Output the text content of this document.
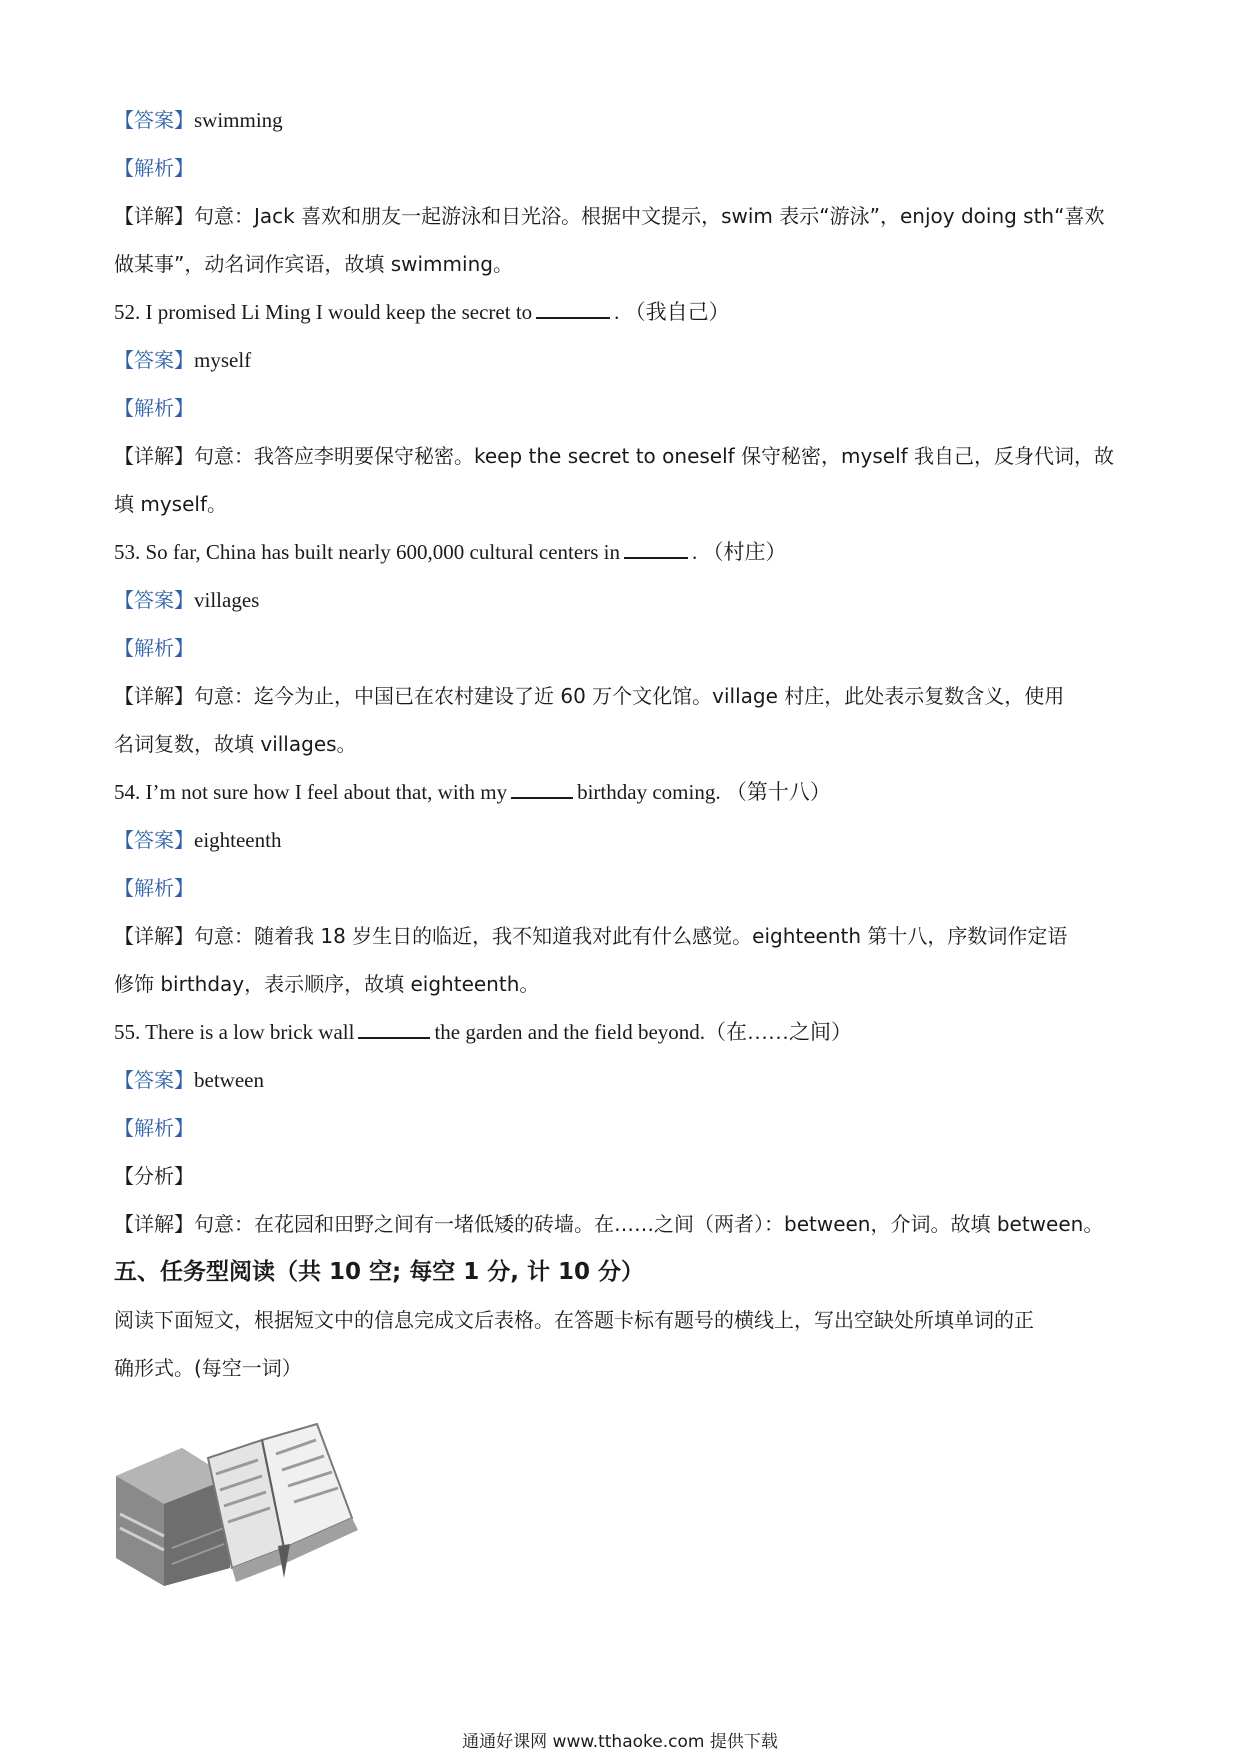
【答案】swimming
【解析】
【详解】句意：Jack 喜欢和朋友一起游泳和日光浴。根据中文提示，swim 表示“游泳”，enjoy doing sth“喜欢
做某事”，动名词作宾语，故填 swimming。
52. I promised Li Ming I would keep the secret to	. （我自己）
【答案】myself
【解析】
【详解】句意：我答应李明要保守秘密。keep the secret to oneself 保守秘密，myself 我自己，反身代词，故
填 myself。
53. So far, China has built nearly 600,000 cultural centers in	. （村庄）
【答案】villages
【解析】
【详解】句意：迄今为止，中国已在农村建设了近 60 万个文化馆。village 村庄，此处表示复数含义，使用
名词复数，故填 villages。
54. I’m not sure how I feel about that, with my	birthday coming. （第十八）
【答案】eighteenth
【解析】
【详解】句意：随着我 18 岁生日的临近，我不知道我对此有什么感觉。eighteenth 第十八，序数词作定语
修饰 birthday，表示顺序，故填 eighteenth。
55. There is a low brick wall	the garden and the field beyond.（在……之间）
【答案】between
【解析】
【分析】
【详解】句意：在花园和田野之间有一堵低矮的砖墙。在……之间（两者）：between，介词。故填 between。
五、任务型阅读（共 10 空; 每空 1 分, 计 10 分）
阅读下面短文，根据短文中的信息完成文后表格。在答题卡标有题号的横线上，写出空缺处所填单词的正
确形式。(每空一词）
通通好课网 www.tthaoke.com 提供下载
